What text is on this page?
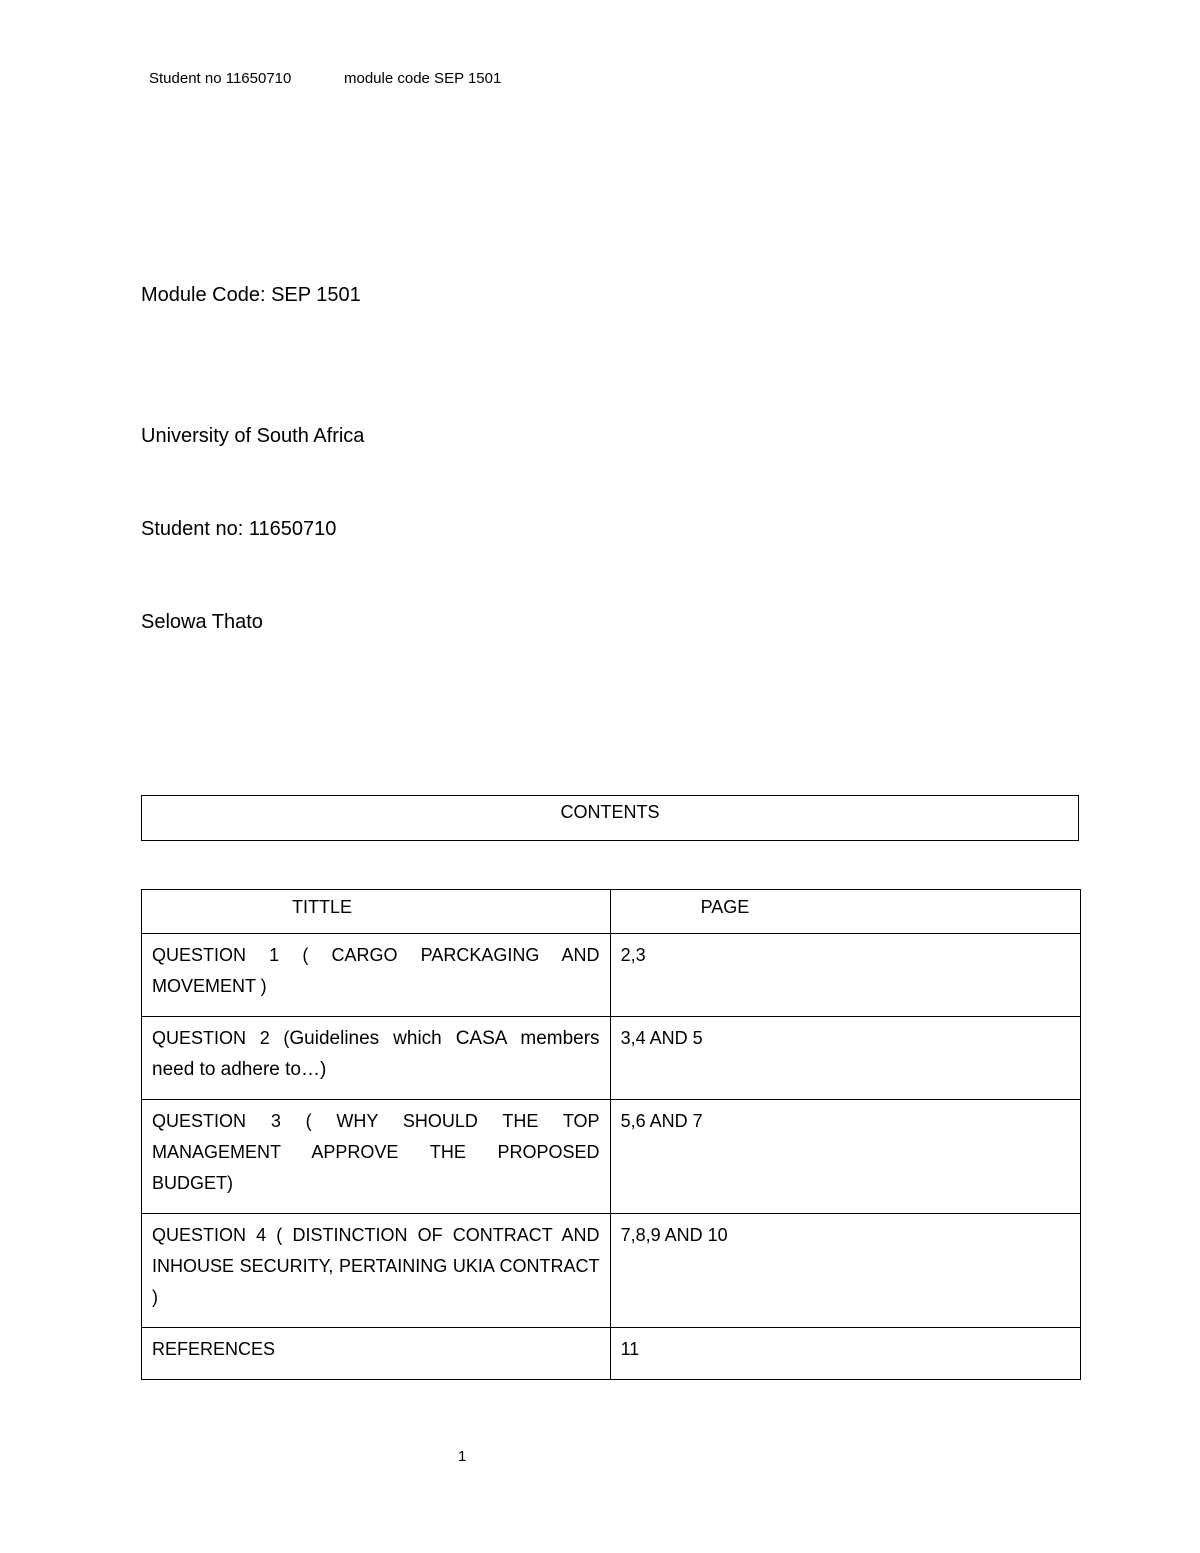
Student no 11650710	module code SEP 1501
Module Code: SEP 1501
University of South Africa
Student no: 11650710
Selowa Thato
CONTENTS
TITTLE	PAGE
QUESTION 1 ( CARGO PARCKAGING AND MOVEMENT )	2,3
QUESTION 2 (Guidelines which CASA members need to adhere to…)	3,4 AND 5
QUESTION 3 ( WHY SHOULD THE TOP MANAGEMENT APPROVE THE PROPOSED BUDGET)	5,6 AND 7
QUESTION 4 ( DISTINCTION OF CONTRACT AND INHOUSE SECURITY, PERTAINING UKIA CONTRACT )	7,8,9 AND 10
REFERENCES	11
1
